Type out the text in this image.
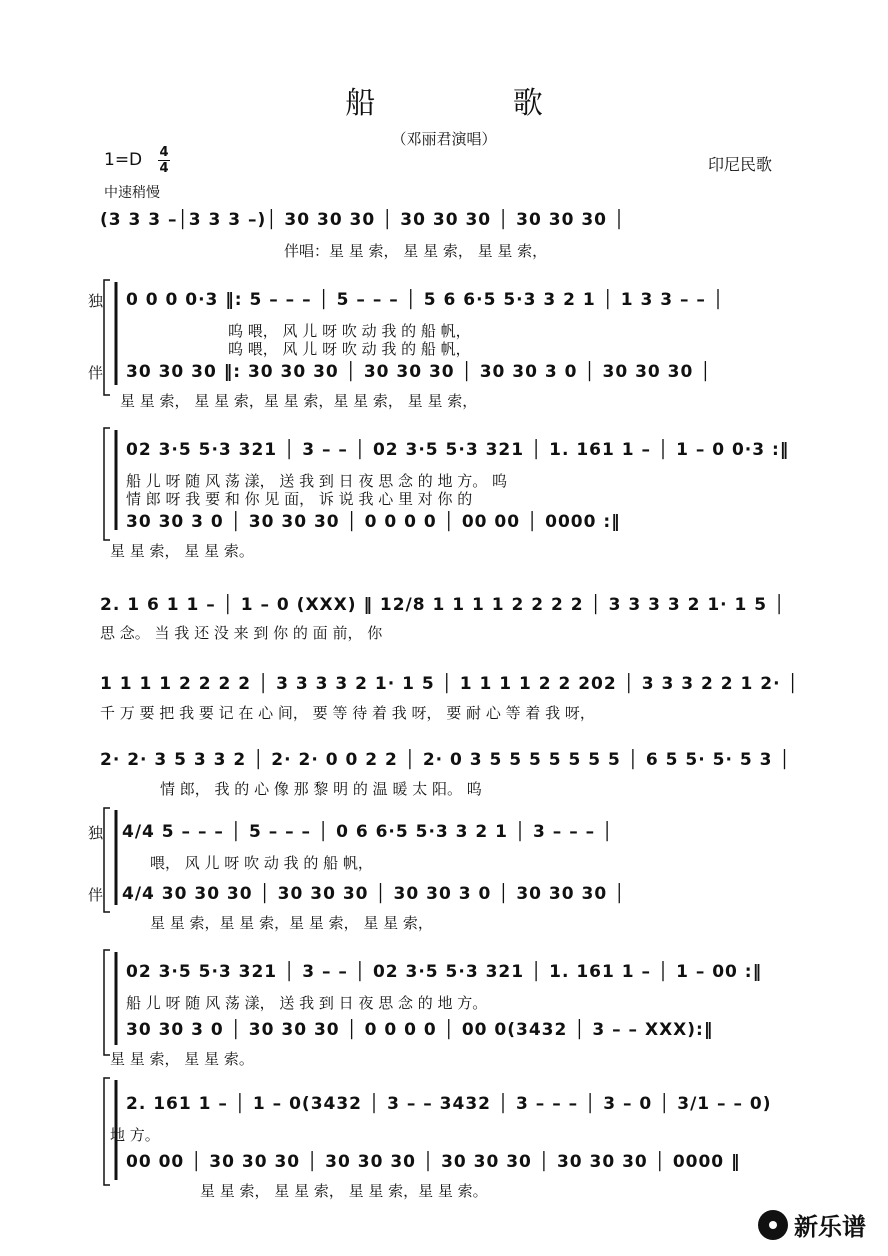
船 歌
（邓丽君演唱）
1=D 4
4	印尼民歌
中速稍慢
(3 3 3 –│3 3 3 –)│ 30 30 30 │ 30 30 30 │ 30 30 30 │
伴唱：星 星 索， 星 星 索， 星 星 索，
独 0 0 0 0·3 ‖: 5 – – – │ 5 – – – │ 5 6 6·5 5·3 3 2 1 │ 1 3 3 – – │
呜 喂， 风 儿 呀 吹 动 我 的 船 帆，
呜 喂， 风 儿 呀 吹 动 我 的 船 帆，
伴 30 30 30 ‖: 30 30 30 │ 30 30 30 │ 30 30 3 0 │ 30 30 30 │
星 星 索， 星 星 索，星 星 索，星 星 索， 星 星 索，
02 3·5 5·3 321 │ 3 – – │ 02 3·5 5·3 321 │ 1. 161 1 – │ 1 – 0 0·3 :‖
船 儿 呀 随 风 荡 漾， 送 我 到 日 夜 思 念 的 地 方。 呜
情 郎 呀 我 要 和 你 见 面， 诉 说 我 心 里 对 你 的
30 30 3 0 │ 30 30 30 │ 0 0 0 0 │ 00 00 │ 0000 :‖
星 星 索， 星 星 索。
2. 1 6 1 1 – │ 1 – 0 (XXX) ‖ 12/8 1 1 1 1 2 2 2 2 │ 3 3 3 3 2 1· 1 5 │
思 念。 当 我 还 没 来 到 你 的 面 前， 你
1 1 1 1 2 2 2 2 │ 3 3 3 3 2 1· 1 5 │ 1 1 1 1 2 2 202 │ 3 3 3 2 2 1 2· │
千 万 要 把 我 要 记 在 心 间， 要 等 待 着 我 呀， 要 耐 心 等 着 我 呀，
2· 2· 3 5 3 3 2 │ 2· 2· 0 0 2 2 │ 2· 0 3 5 5 5 5 5 5 5 │ 6 5 5· 5· 5 3 │
情 郎， 我 的 心 像 那 黎 明 的 温 暖 太 阳。 呜
独 4/4 5 – – – │ 5 – – – │ 0 6 6·5 5·3 3 2 1 │ 3 – – – │
喂， 风 儿 呀 吹 动 我 的 船 帆，
伴 4/4 30 30 30 │ 30 30 30 │ 30 30 3 0 │ 30 30 30 │
星 星 索，星 星 索，星 星 索， 星 星 索，
02 3·5 5·3 321 │ 3 – – │ 02 3·5 5·3 321 │ 1. 161 1 – │ 1 – 00 :‖
船 儿 呀 随 风 荡 漾， 送 我 到 日 夜 思 念 的 地 方。
30 30 3 0 │ 30 30 30 │ 0 0 0 0 │ 00 0(3432 │ 3 – – XXX):‖
星 星 索， 星 星 索。
2. 161 1 – │ 1 – 0(3432 │ 3 – – 3432 │ 3 – – – │ 3 – 0 │ 3/1 – – 0)
地 方。
00 00 │ 30 30 30 │ 30 30 30 │ 30 30 30 │ 30 30 30 │ 0000 ‖
星 星 索， 星 星 索， 星 星 索，星 星 索。
新乐谱
